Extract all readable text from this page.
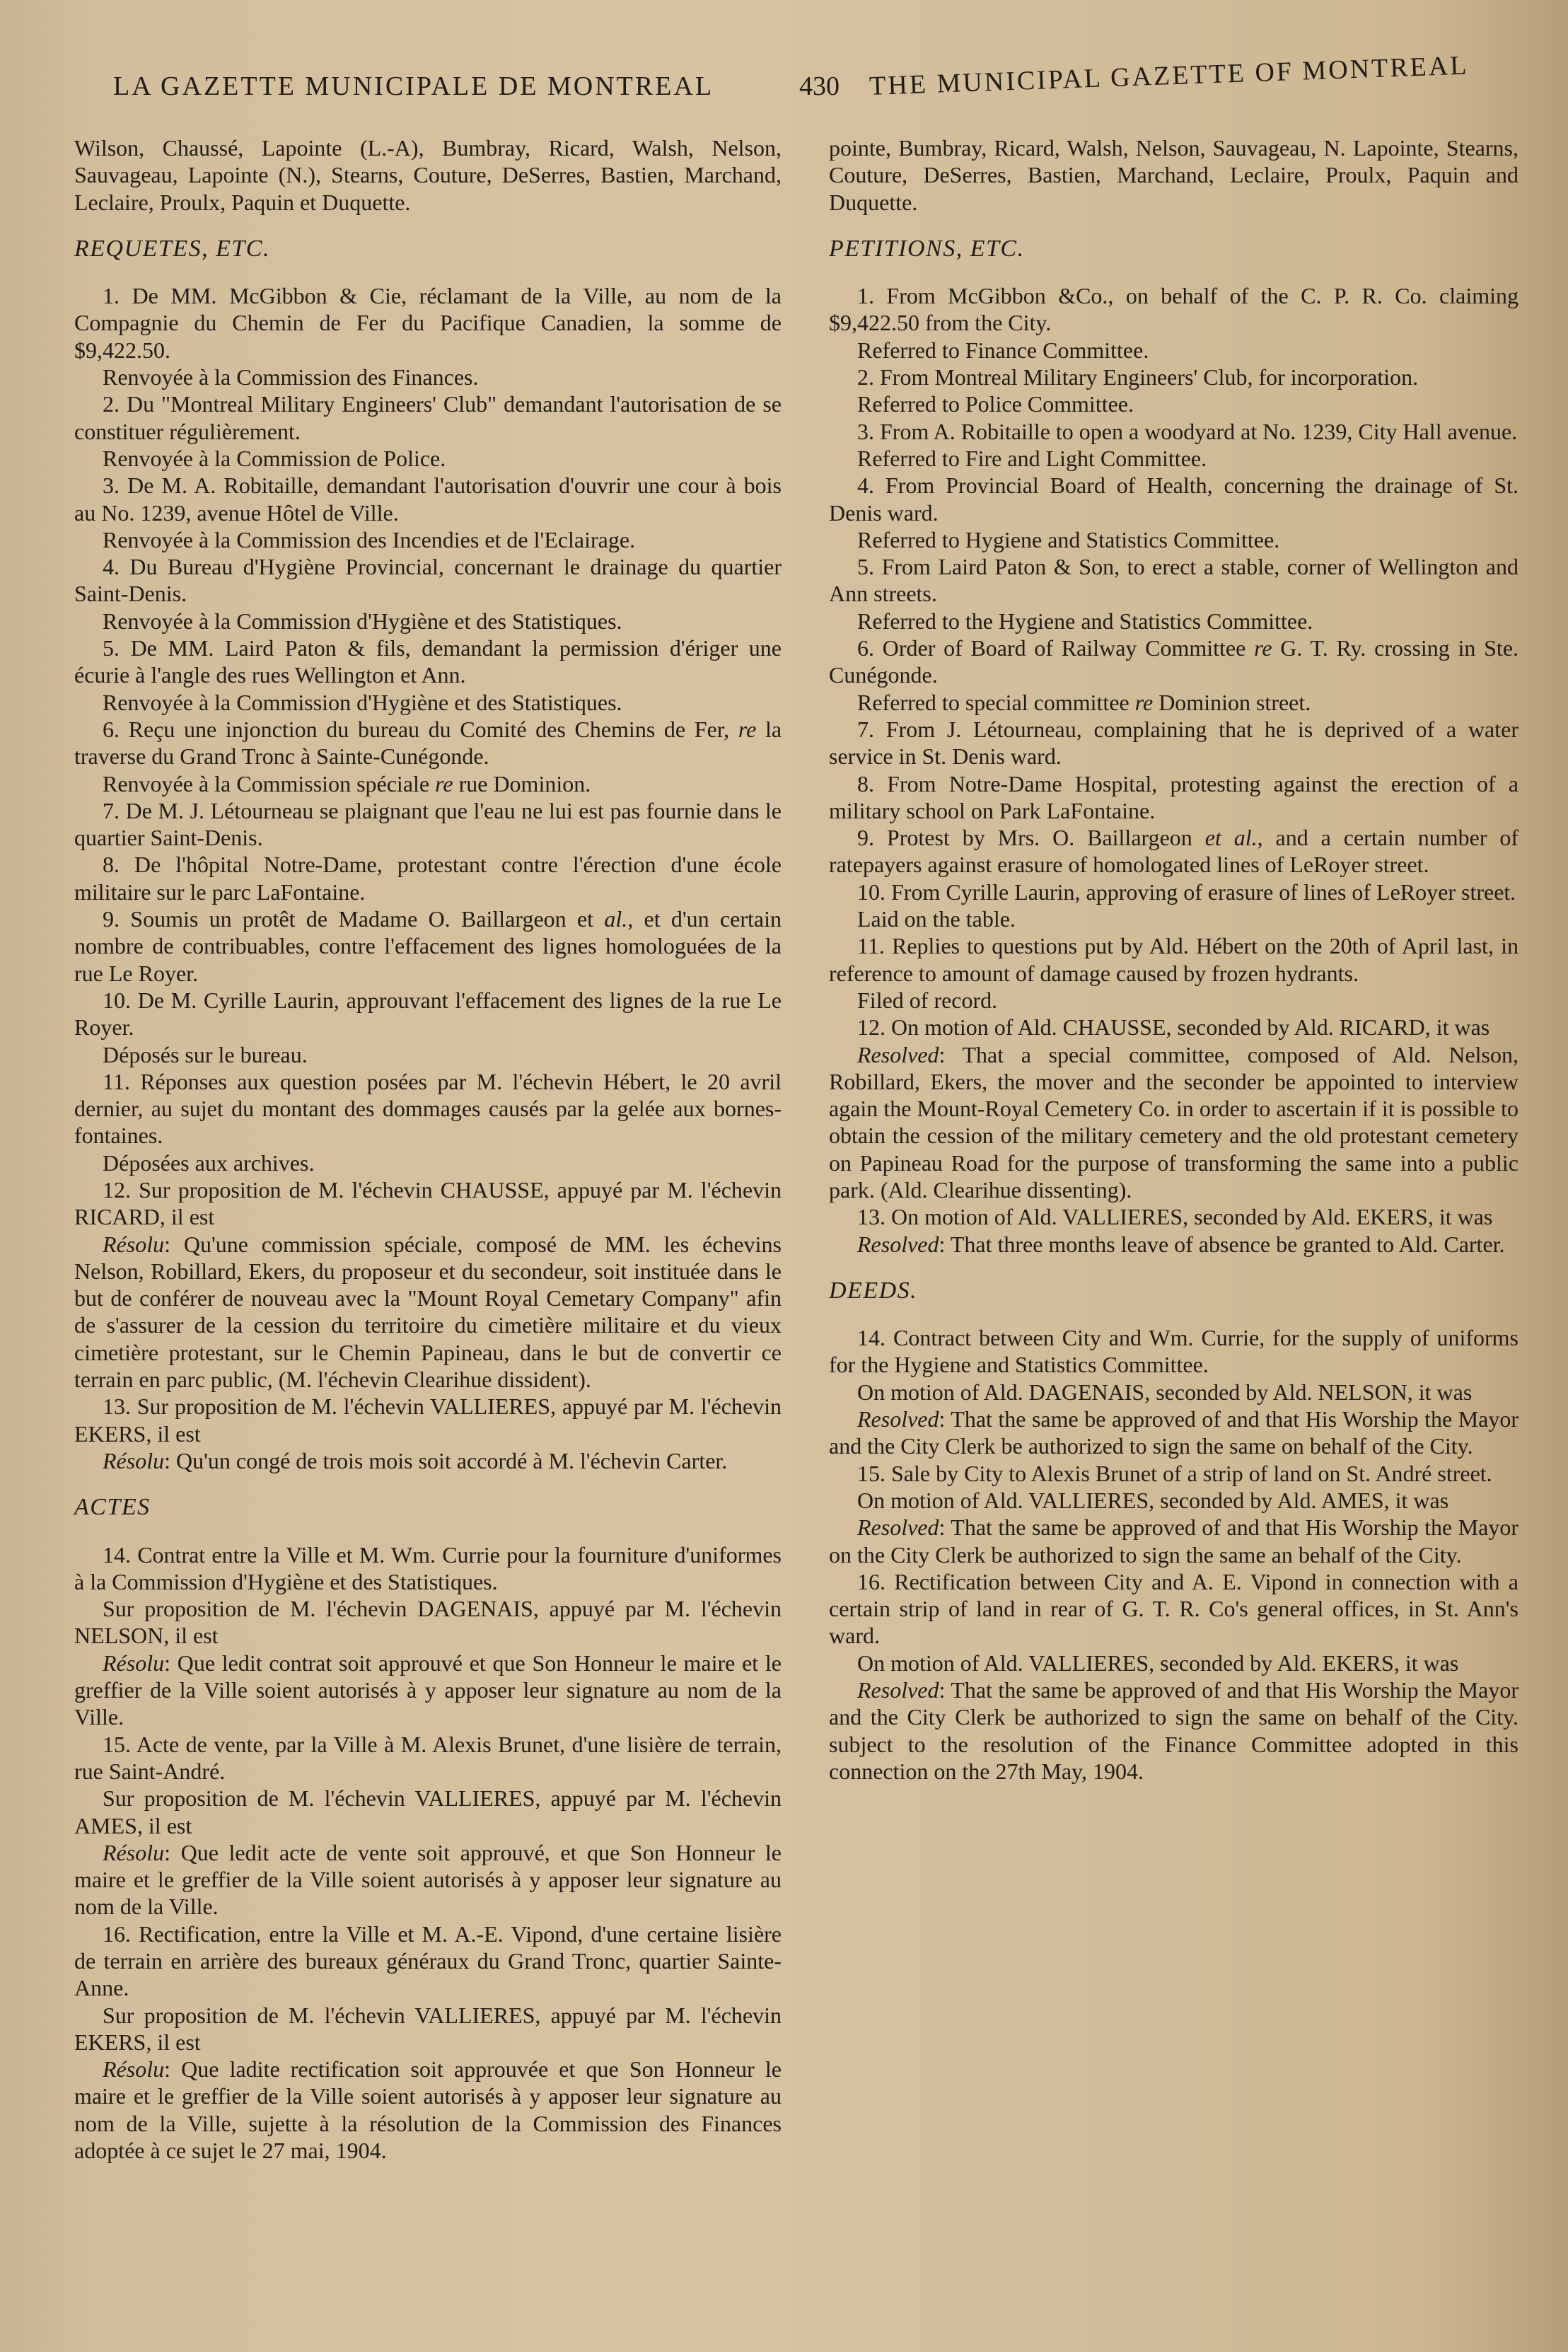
LA GAZETTE MUNICIPALE DE MONTREAL	430 THE MUNICIPAL GAZETTE OF MONTREAL

Wilson, Chaussé, Lapointe (L.-A), Bumbray, Ricard, Walsh, Nelson, Sauvageau, Lapointe (N.), Stearns, Couture, DeSerres, Bastien, Marchand, Leclaire, Proulx, Paquin et Duquette.

REQUETES, ETC.

1. De MM. McGibbon & Cie, réclamant de la Ville, au nom de la Compagnie du Chemin de Fer du Pacifique Canadien, la somme de $9,422.50.

Renvoyée à la Commission des Finances.

2. Du "Montreal Military Engineers' Club" demandant l'autorisation de se constituer régulièrement.

Renvoyée à la Commission de Police.

3. De M. A. Robitaille, demandant l'autorisation d'ouvrir une cour à bois au No. 1239, avenue Hôtel de Ville.

Renvoyée à la Commission des Incendies et de l'Eclairage.

4. Du Bureau d'Hygiène Provincial, concernant le drainage du quartier Saint-Denis.

Renvoyée à la Commission d'Hygiène et des Statistiques.

5. De MM. Laird Paton & fils, demandant la permission d'ériger une écurie à l'angle des rues Wellington et Ann.

Renvoyée à la Commission d'Hygiène et des Statistiques.

6. Reçu une injonction du bureau du Comité des Chemins de Fer, re la traverse du Grand Tronc à Sainte-Cunégonde.

Renvoyée à la Commission spéciale re rue Dominion.

7. De M. J. Létourneau se plaignant que l'eau ne lui est pas fournie dans le quartier Saint-Denis.

8. De l'hôpital Notre-Dame, protestant contre l'érection d'une école militaire sur le parc LaFontaine.

9. Soumis un protêt de Madame O. Baillargeon et al., et d'un certain nombre de contribuables, contre l'effacement des lignes homologuées de la rue Le Royer.

10. De M. Cyrille Laurin, approuvant l'effacement des lignes de la rue Le Royer.

Déposés sur le bureau.

11. Réponses aux question posées par M. l'échevin Hébert, le 20 avril dernier, au sujet du montant des dommages causés par la gelée aux bornes-fontaines.

Déposées aux archives.

12. Sur proposition de M. l'échevin CHAUSSE, appuyé par M. l'échevin RICARD, il est

Résolu: Qu'une commission spéciale, composé de MM. les échevins Nelson, Robillard, Ekers, du proposeur et du secondeur, soit instituée dans le but de conférer de nouveau avec la "Mount Royal Cemetary Company" afin de s'assurer de la cession du territoire du cimetière militaire et du vieux cimetière protestant, sur le Chemin Papineau, dans le but de convertir ce terrain en parc public, (M. l'échevin Clearihue dissident).

13. Sur proposition de M. l'échevin VALLIERES, appuyé par M. l'échevin EKERS, il est

Résolu: Qu'un congé de trois mois soit accordé à M. l'échevin Carter.

ACTES

14. Contrat entre la Ville et M. Wm. Currie pour la fourniture d'uniformes à la Commission d'Hygiène et des Statistiques.

Sur proposition de M. l'échevin DAGENAIS, appuyé par M. l'échevin NELSON, il est

Résolu: Que ledit contrat soit approuvé et que Son Honneur le maire et le greffier de la Ville soient autorisés à y apposer leur signature au nom de la Ville.

15. Acte de vente, par la Ville à M. Alexis Brunet, d'une lisière de terrain, rue Saint-André.

Sur proposition de M. l'échevin VALLIERES, appuyé par M. l'échevin AMES, il est

Résolu: Que ledit acte de vente soit approuvé, et que Son Honneur le maire et le greffier de la Ville soient autorisés à y apposer leur signature au nom de la Ville.

16. Rectification, entre la Ville et M. A.-E. Vipond, d'une certaine lisière de terrain en arrière des bureaux généraux du Grand Tronc, quartier Sainte-Anne.

Sur proposition de M. l'échevin VALLIERES, appuyé par M. l'échevin EKERS, il est

Résolu: Que ladite rectification soit approuvée et que Son Honneur le maire et le greffier de la Ville soient autorisés à y apposer leur signature au nom de la Ville, sujette à la résolution de la Commission des Finances adoptée à ce sujet le 27 mai, 1904.

pointe, Bumbray, Ricard, Walsh, Nelson, Sauvageau, N. Lapointe, Stearns, Couture, DeSerres, Bastien, Marchand, Leclaire, Proulx, Paquin and Duquette.

PETITIONS, ETC.

1. From McGibbon &Co., on behalf of the C. P. R. Co. claiming $9,422.50 from the City.

Referred to Finance Committee.

2. From Montreal Military Engineers' Club, for incorporation.

Referred to Police Committee.

3. From A. Robitaille to open a woodyard at No. 1239, City Hall avenue.

Referred to Fire and Light Committee.

4. From Provincial Board of Health, concerning the drainage of St. Denis ward.

Referred to Hygiene and Statistics Committee.

5. From Laird Paton & Son, to erect a stable, corner of Wellington and Ann streets.

Referred to the Hygiene and Statistics Committee.

6. Order of Board of Railway Committee re G. T. Ry. crossing in Ste. Cunégonde.

Referred to special committee re Dominion street.

7. From J. Létourneau, complaining that he is deprived of a water service in St. Denis ward.

8. From Notre-Dame Hospital, protesting against the erection of a military school on Park LaFontaine.

9. Protest by Mrs. O. Baillargeon et al., and a certain number of ratepayers against erasure of homologated lines of LeRoyer street.

10. From Cyrille Laurin, approving of erasure of lines of LeRoyer street.

Laid on the table.

11. Replies to questions put by Ald. Hébert on the 20th of April last, in reference to amount of damage caused by frozen hydrants.

Filed of record.

12. On motion of Ald. CHAUSSE, seconded by Ald. RICARD, it was

Resolved: That a special committee, composed of Ald. Nelson, Robillard, Ekers, the mover and the seconder be appointed to interview again the Mount-Royal Cemetery Co. in order to ascertain if it is possible to obtain the cession of the military cemetery and the old protestant cemetery on Papineau Road for the purpose of transforming the same into a public park. (Ald. Clearihue dissenting).

13. On motion of Ald. VALLIERES, seconded by Ald. EKERS, it was

Resolved: That three months leave of absence be granted to Ald. Carter.

DEEDS.

14. Contract between City and Wm. Currie, for the supply of uniforms for the Hygiene and Statistics Committee.

On motion of Ald. DAGENAIS, seconded by Ald. NELSON, it was

Resolved: That the same be approved of and that His Worship the Mayor and the City Clerk be authorized to sign the same on behalf of the City.

15. Sale by City to Alexis Brunet of a strip of land on St. André street.

On motion of Ald. VALLIERES, seconded by Ald. AMES, it was

Resolved: That the same be approved of and that His Worship the Mayor on the City Clerk be authorized to sign the same an behalf of the City.

16. Rectification between City and A. E. Vipond in connection with a certain strip of land in rear of G. T. R. Co's general offices, in St. Ann's ward.

On motion of Ald. VALLIERES, seconded by Ald. EKERS, it was

Resolved: That the same be approved of and that His Worship the Mayor and the City Clerk be authorized to sign the same on behalf of the City. subject to the resolution of the Finance Committee adopted in this connection on the 27th May, 1904.
